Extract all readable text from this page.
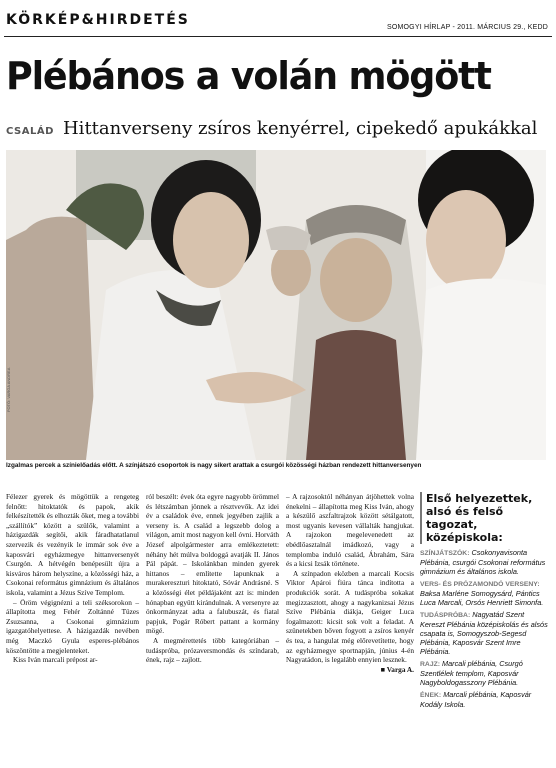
KÖRKÉP&HIRDETÉS	SOMOGYI HÍRLAP - 2011. MÁRCIUS 29., KEDD
Plébános a volán mögött
CSALÁD Hittanverseny zsíros kenyérrel, cipekedő apukákkal
FOTÓ: VARGA ANDREA
Izgalmas percek a színielőadás előtt. A színjátszó csoportok is nagy sikert arattak a csurgói közösségi házban rendezett hittanversenyen

Félezer gyerek és mögöttük a rengeteg felnőtt: hitoktatók és papok, akik felkészítették és elhozták őket, meg a további „szállítók” között a szülők, valamint a házigazdák segítői, akik fáradhatatlanul szervezik és vezényik le immár sok éve a kaposvári egyházmegye hittanversenyét Csurgón. A hétvégén benépesült újra a kisváros három helyszíne, a közösségi ház, a Csokonai református gimnázium és általános iskola, valamint a Jézus Szíve Templom.

– Öröm végignézni a teli széksorokon – állapította meg Fehér Zoltánné Tüzes Zsuzsanna, a Csokonai gimnázium igazgatóhelyettese. A házigazdák nevében még Maczkó Gyula esperes-plébános köszöntötte a megjelenteket.

Kiss Iván marcali prépost ar-

ról beszélt: évek óta egyre nagyobb örömmel és létszámban jönnek a résztvevők. Az idei év a családok éve, ennek jegyében zajlik a verseny is. A család a legszebb dolog a világon, amit most nagyon kell óvni. Horváth József alpolgármester arra emlékeztetett: néhány hét múlva boldoggá avatják II. János Pál pápát. – Iskolánkban minden gyerek hittanos – említette lapunknak a murakereszturi hitoktató, Sóvár Andrásné. S a közösségi élet példájaként azt is: minden hónapban együtt kirándulnak. A versenyre az önkormányzat adta a falubuszát, és fiatal papjuk, Pogár Róbert pattant a kormány mögé.

A megmérettetés több kategóriában – tudáspróba, prózaversmondás és színdarab, ének, rajz – zajlott.

– A rajzosoktól néhányan átjöhettek volna énekelni – állapította meg Kiss Iván, ahogy a készülő aszfaltrajzok között sétálgatott, most ugyanis kevesen vállalták hangjukat. A rajzokon megelevenedett az ebédlőasztalnál imádkozó, vagy a templomba induló család, Ábrahám, Sára és a kicsi Izsák története.

A színpadon eközben a marcali Kocsis Viktor Apároi fiúra tánca indította a produkciók sorát. A tudáspróba sokakat megizzasztott, ahogy a nagykanizsai Jézus Szíve Plébánia diákja, Geiger Luca fogalmazott: kicsit sok volt a feladat. A szünetekben bőven fogyott a zsíros kenyér és tea, a hangulat még előrevetítette, hogy az egyházmegye sportnapján, június 4-én Nagyatádon, is legalább ennyien lesznek.

■ Varga A.

Első helyezettek, alsó és felső tagozat, középiskola:
SZÍNJÁTSZÓK: Csokonyavisonta Plébánia, csurgói Csokonai református gimnázium és általános iskola.
VERS- ÉS PRÓZAMONDÓ VERSENY: Baksa Marléne Somogysárd, Pántics Luca Marcali, Orsós Henriett Simonfa.
TUDÁSPRÓBA: Nagyatád Szent Kereszt Plébánia középiskolás és alsós csapata is, Somogyszob-Segesd Plébánia, Kaposvár Szent Imre Plébánia.
RAJZ: Marcali plébánia, Csurgó Szentlélek templom, Kaposvár Nagyboldogasszony Plébánia.
ÉNEK: Marcali plébánia, Kaposvár Kodály Iskola.
